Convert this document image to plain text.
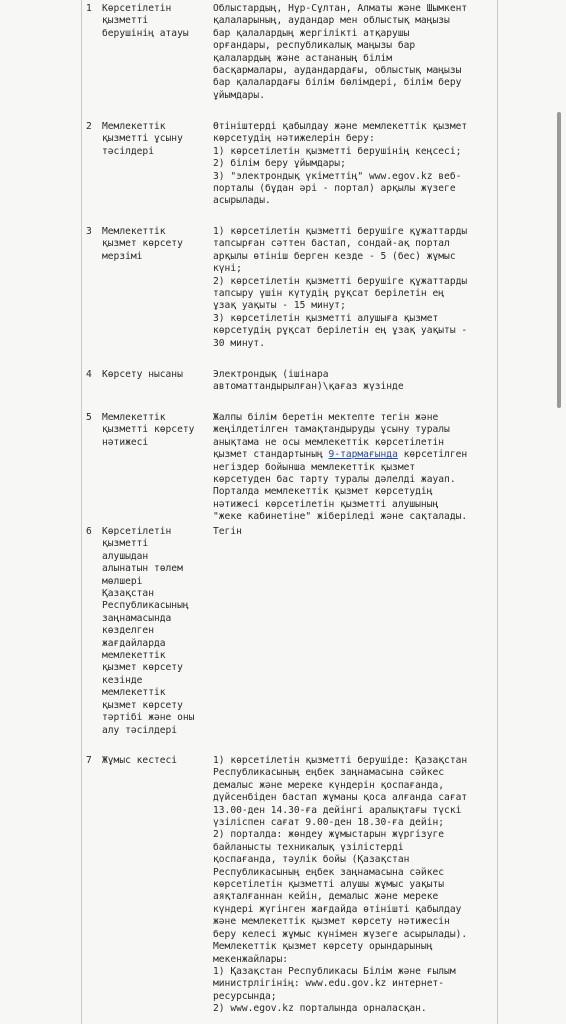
1 Көрсетілетін
қызметті
берушінің атауы
Облыстардың, Нұр-Сұлтан, Алматы және Шымкент
қалаларының, аудандар мен облыстық маңызы
бар қалалардың жергілікті атқарушы
орғандары, республикалық маңызы бар
қалалардың және астананың білім
басқармалары, аудандардағы, облыстық маңызы
бар қалалардағы білім бөлімдері, білім беру
ұйымдары.
2 Мемлекеттік
қызметті ұсыну
тәсілдері
Өтініштерді қабылдау және мемлекеттік қызмет
көрсетудің нәтижелерін беру:
1) көрсетілетін қызметті берушінің кеңсесі;
2) білім беру ұйымдары;
3) "электрондық үкіметтің" www.egov.kz веб-
порталы (бұдан әрі - портал) арқылы жүзеге
асырылады.
3 Мемлекеттік
қызмет көрсету
мерзімі
1) көрсетілетін қызметті берушіге құжаттарды
тапсырған сәттен бастап, сондай-ақ портал
арқылы өтініш берген кезде - 5 (бес) жұмыс
күні;
2) көрсетілетін қызметті берушіге құжаттарды
тапсыру үшін күтудің рұқсат берілетін ең
ұзақ уақыты - 15 минут;
3) көрсетілетін қызметті алушыға қызмет
көрсетудің рұқсат берілетін ең ұзақ уақыты -
30 минут.
4 Көрсету нысаны	Электрондық (ішінара
автоматтандырылған)\қағаз жүзінде
5 Мемлекеттік
қызметті көрсету
нәтижесі
Жалпы білім беретін мектепте тегін және
жеңілдетілген тамақтандыруды ұсыну туралы
анықтама не осы мемлекеттік көрсетілетін
қызмет стандартының 9-тармағында көрсетілген
негіздер бойынша мемлекеттік қызмет
көрсетуден бас тарту туралы дәлелді жауап.
Порталда мемлекеттік қызмет көрсетудің
нәтижесі көрсетілетін қызметті алушының
"жеке кабинетіне" жіберіледі және сақталады.
6 Көрсетілетін
қызметті
алушыдан
алынатын төлем
мөлшері
Қазақстан
Республикасының
заңнамасында
көзделген
жағдайларда
мемлекеттік
қызмет көрсету
кезінде
мемлекеттік
қызмет көрсету
тәртібі және оны
алу тәсілдері
Тегін
7 Жұмыс кестесі	1) көрсетілетін қызметті берушіде: Қазақстан
Республикасының еңбек заңнамасына сәйкес
демалыс және мереке күндерін қоспағанда,
дүйсенбіден бастап жұманы қоса алғанда сағат
13.00-ден 14.30-ға дейінгі аралықтағы түскі
үзіліспен сағат 9.00-ден 18.30-ға дейін;
2) порталда: жөндеу жұмыстарын жүргізуге
байланысты техникалық үзілістерді
қоспағанда, тәулік бойы (Қазақстан
Республикасының еңбек заңнамасына сәйкес
көрсетілетін қызметті алушы жұмыс уақыты
аяқталғаннан кейін, демалыс және мереке
күндері жүгінген жағдайда өтінішті қабылдау
және мемлекеттік қызмет көрсету нәтижесін
беру келесі жұмыс күнімен жүзеге асырылады).
Мемлекеттік қызмет көрсету орындарының
мекенжайлары:
1) Қазақстан Республикасы Білім және ғылым
министрлігінің: www.edu.gov.kz интернет-
ресурсында;
2) www.egov.kz порталында орналасқан.
